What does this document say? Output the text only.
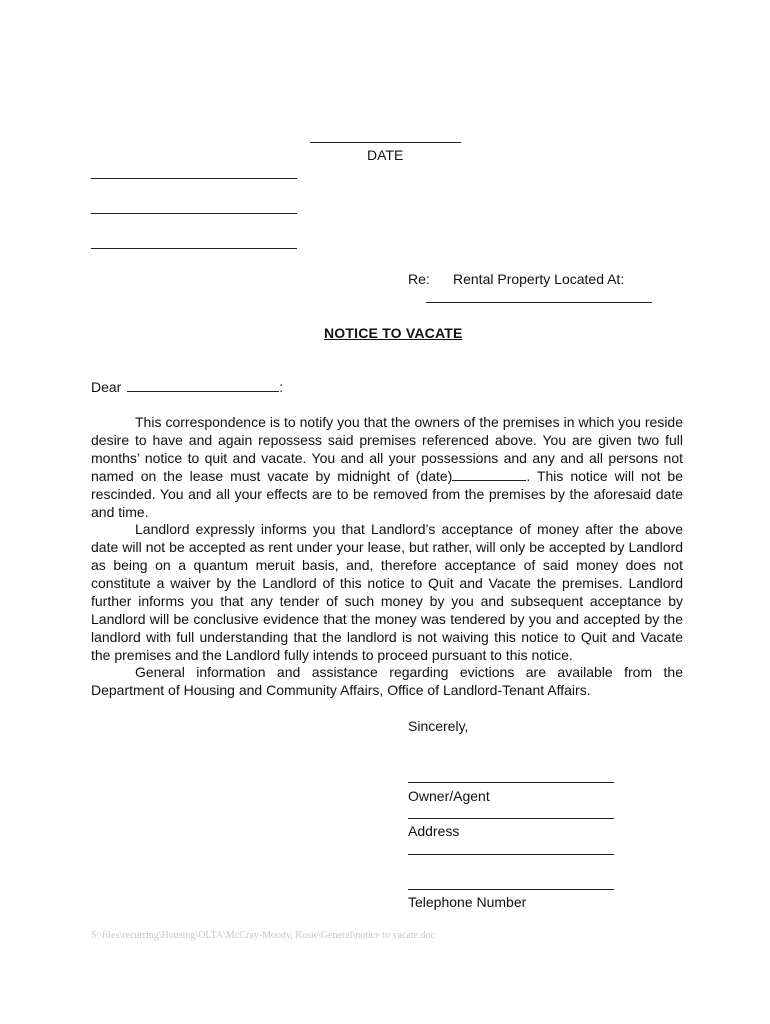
DATE
Re: Rental Property Located At:
NOTICE TO VACATE
Dear	:
This correspondence is to notify you that the owners of the premises in which you reside desire to have and again repossess said premises referenced above. You are given two full months’ notice to quit and vacate. You and all your possessions and any and all persons not named on the lease must vacate by midnight of (date)	. This notice will not be rescinded. You and all your effects are to be removed from the premises by the aforesaid date and time.
Landlord expressly informs you that Landlord’s acceptance of money after the above date will not be accepted as rent under your lease, but rather, will only be accepted by Landlord as being on a quantum meruit basis, and, therefore acceptance of said money does not constitute a waiver by the Landlord of this notice to Quit and Vacate the premises. Landlord further informs you that any tender of such money by you and subsequent acceptance by Landlord will be conclusive evidence that the money was tendered by you and accepted by the landlord with full understanding that the landlord is not waiving this notice to Quit and Vacate the premises and the Landlord fully intends to proceed pursuant to this notice.
General information and assistance regarding evictions are available from the Department of Housing and Community Affairs, Office of Landlord-Tenant Affairs.
Sincerely,
Owner/Agent
Address
Telephone Number
S:\files\recurring\Housing\OLTA\McCray-Moody, Rosie\General\notice to vacate.doc
